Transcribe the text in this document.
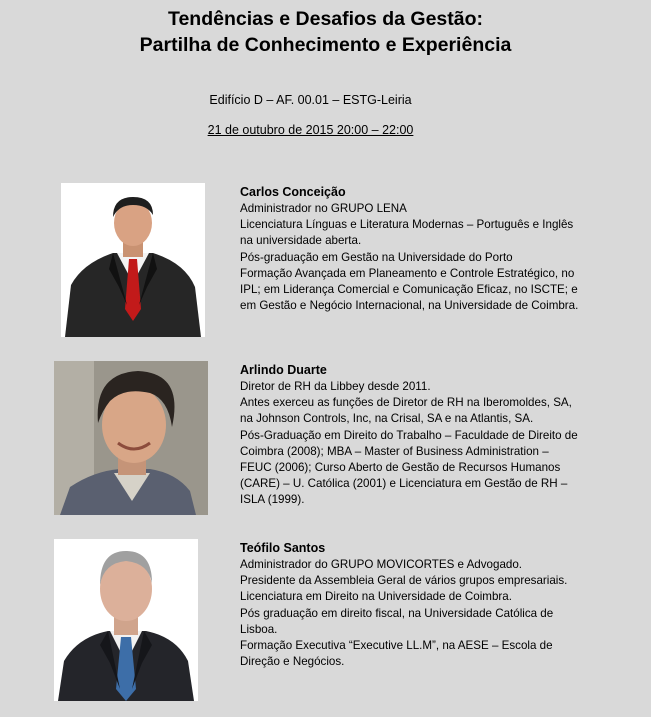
Tendências e Desafios da Gestão:
Partilha de Conhecimento e Experiência
Edifício D – AF. 00.01 – ESTG-Leiria
21 de outubro de 2015 20:00 – 22:00
Carlos Conceição
Administrador no GRUPO LENA
Licenciatura Línguas e Literatura Modernas – Português e Inglês na universidade aberta.
Pós-graduação em Gestão na Universidade do Porto
Formação Avançada em Planeamento e Controle Estratégico, no IPL; em Liderança Comercial e Comunicação Eficaz, no ISCTE; e em Gestão e Negócio Internacional, na Universidade de Coimbra.
Arlindo Duarte
Diretor de RH da Libbey desde 2011.
Antes exerceu as funções de Diretor de RH na Iberomoldes, SA, na Johnson Controls, Inc, na Crisal, SA e na Atlantis, SA.
Pós-Graduação em Direito do Trabalho – Faculdade de Direito de Coimbra (2008); MBA – Master of Business Administration – FEUC (2006); Curso Aberto de Gestão de Recursos Humanos (CARE) – U. Católica (2001) e Licenciatura em Gestão de RH – ISLA (1999).
Teófilo Santos
Administrador do GRUPO MOVICORTES e Advogado.
Presidente da Assembleia Geral de vários grupos empresariais.
Licenciatura em Direito na Universidade de Coimbra.
Pós graduação em direito fiscal, na Universidade Católica de Lisboa.
Formação Executiva “Executive LL.M”, na AESE – Escola de Direção e Negócios.
